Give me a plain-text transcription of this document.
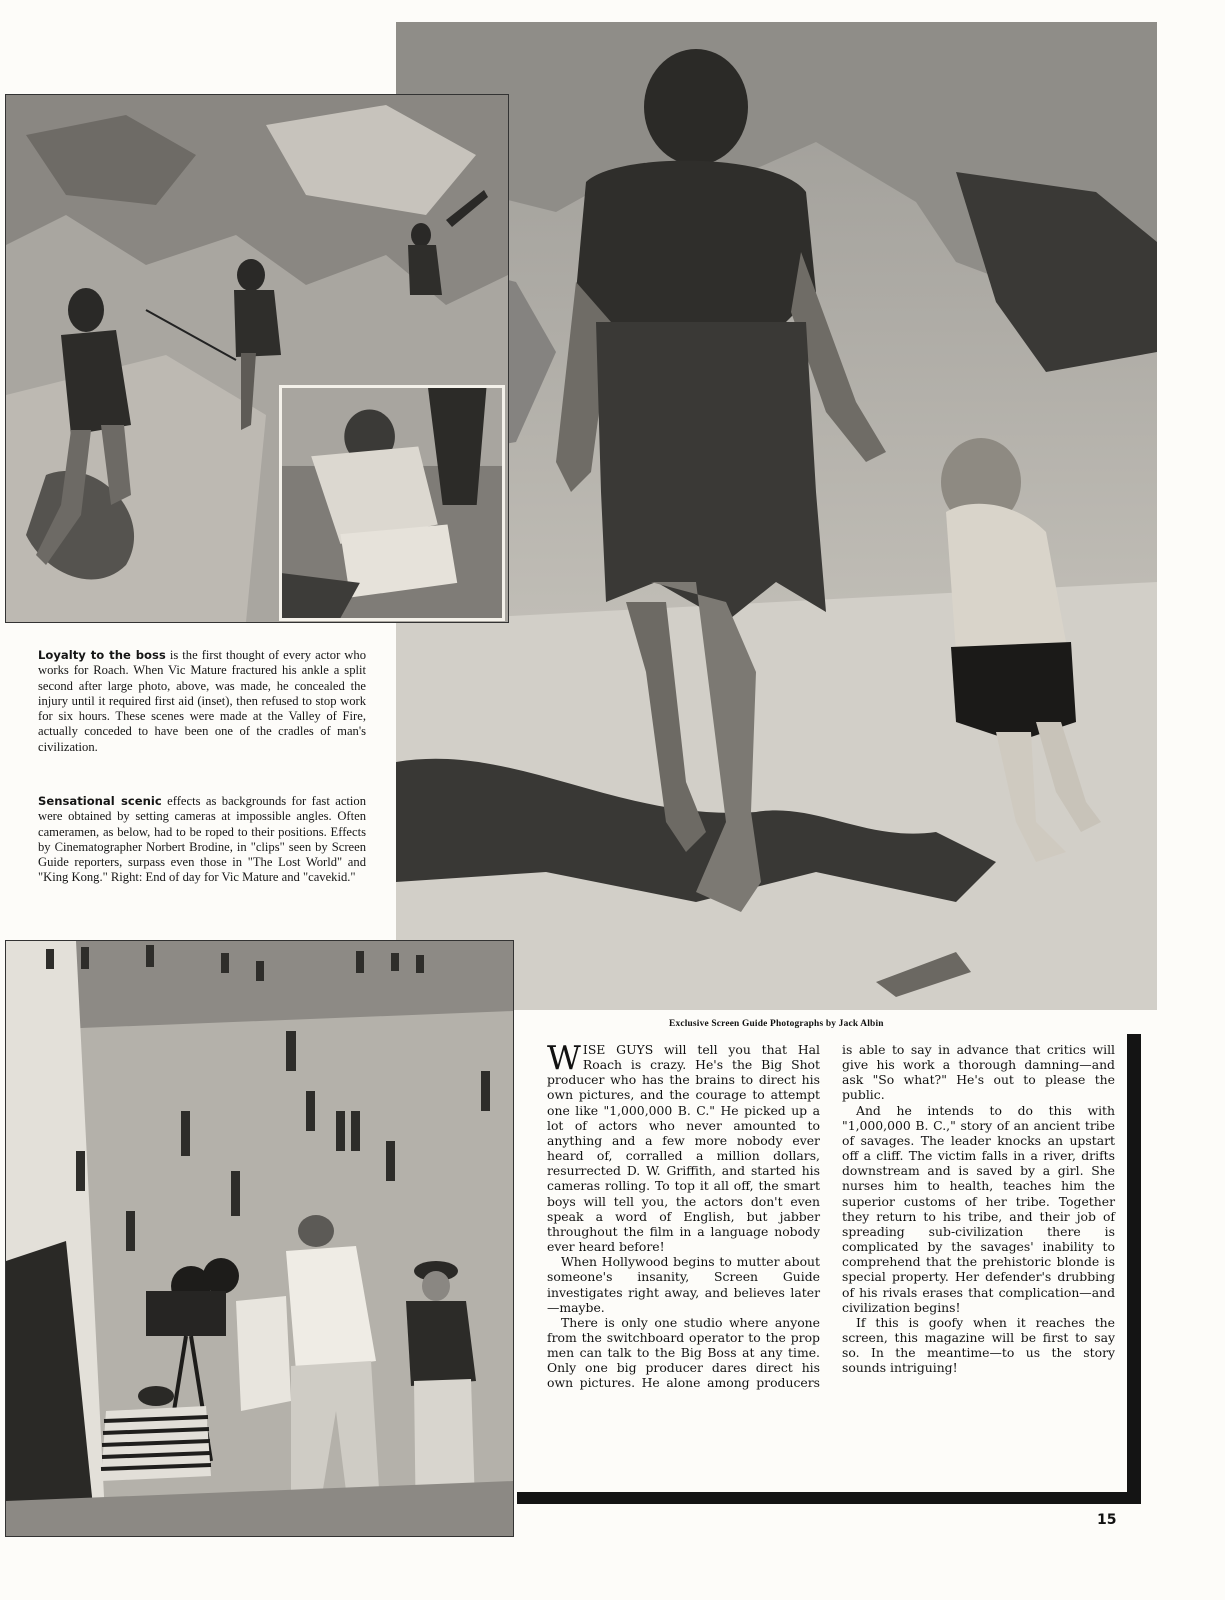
Loyalty to the boss is the first thought of every actor who works for Roach. When Vic Mature fractured his ankle a split second after large photo, above, was made, he concealed the injury until it required first aid (inset), then refused to stop work for six hours. These scenes were made at the Valley of Fire, actually conceded to have been one of the cradles of man's civilization.
Sensational scenic effects as backgrounds for fast action were obtained by setting cameras at impossible angles. Often cameramen, as below, had to be roped to their positions. Effects by Cinematographer Norbert Brodine, in "clips" seen by Screen Guide reporters, surpass even those in "The Lost World" and "King Kong." Right: End of day for Vic Mature and "cavekid."
Exclusive Screen Guide Photographs by Jack Albin

WISE GUYS will tell you that Hal Roach is crazy. He's the Big Shot producer who has the brains to direct his own pictures, and the courage to attempt one like "1,000,000 B. C." He picked up a lot of actors who never amounted to anything and a few more nobody ever heard of, corralled a million dollars, resurrected D. W. Griffith, and started his cameras rolling. To top it all off, the smart boys will tell you, the actors don't even speak a word of English, but jabber throughout the film in a language nobody ever heard before!

When Hollywood begins to mutter about someone's insanity, Screen Guide investigates right away, and believes later—maybe.

There is only one studio where anyone from the switchboard operator to the prop men can talk to the Big Boss at any time. Only one big producer dares direct his own pictures. He alone among producers is able to say in advance that critics will give his work a thorough damning—and ask "So what?" He's out to please the public.

And he intends to do this with "1,000,000 B. C.," story of an ancient tribe of savages. The leader knocks an upstart off a cliff. The victim falls in a river, drifts downstream and is saved by a girl. She nurses him to health, teaches him the superior customs of her tribe. Together they return to his tribe, and their job of spreading sub-civilization there is complicated by the savages' inability to comprehend that the prehistoric blonde is special property. Her defender's drubbing of his rivals erases that complication—and civilization begins!

If this is goofy when it reaches the screen, this magazine will be first to say so. In the meantime—to us the story sounds intriguing!

15
